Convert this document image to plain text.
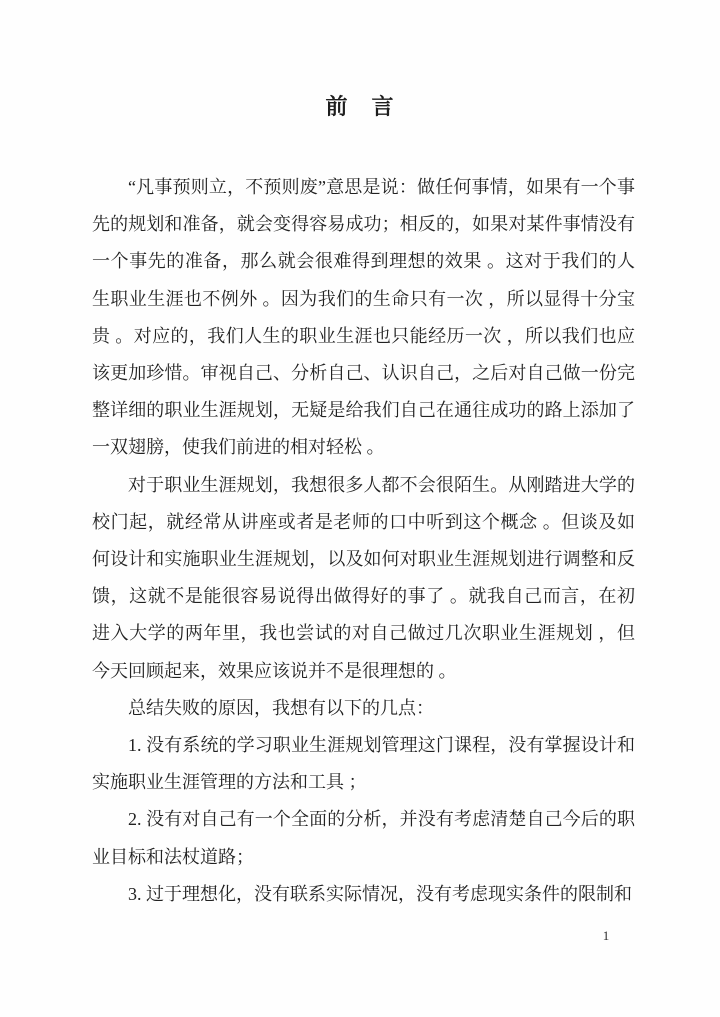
前　言

“凡事预则立，不预则废”意思是说：做任何事情，如果有一个事先的规划和准备，就会变得容易成功；相反的，如果对某件事情没有一个事先的准备，那么就会很难得到理想的效果 。这对于我们的人生职业生涯也不例外 。因为我们的生命只有一次 ，所以显得十分宝贵 。对应的，我们人生的职业生涯也只能经历一次 ，所以我们也应该更加珍惜。审视自己、分析自己、认识自己，之后对自己做一份完整详细的职业生涯规划，无疑是给我们自己在通往成功的路上添加了一双翅膀，使我们前进的相对轻松 。

对于职业生涯规划，我想很多人都不会很陌生。从刚踏进大学的校门起，就经常从讲座或者是老师的口中听到这个概念 。但谈及如何设计和实施职业生涯规划，以及如何对职业生涯规划进行调整和反馈，这就不是能很容易说得出做得好的事了 。就我自己而言，在初进入大学的两年里，我也尝试的对自己做过几次职业生涯规划 ，但今天回顾起来，效果应该说并不是很理想的 。

总结失败的原因，我想有以下的几点：

1. 没有系统的学习职业生涯规划管理这门课程，没有掌握设计和实施职业生涯管理的方法和工具 ；

2. 没有对自己有一个全面的分析，并没有考虑清楚自己今后的职业目标和法杖道路；

3. 过于理想化，没有联系实际情况，没有考虑现实条件的限制和

1
